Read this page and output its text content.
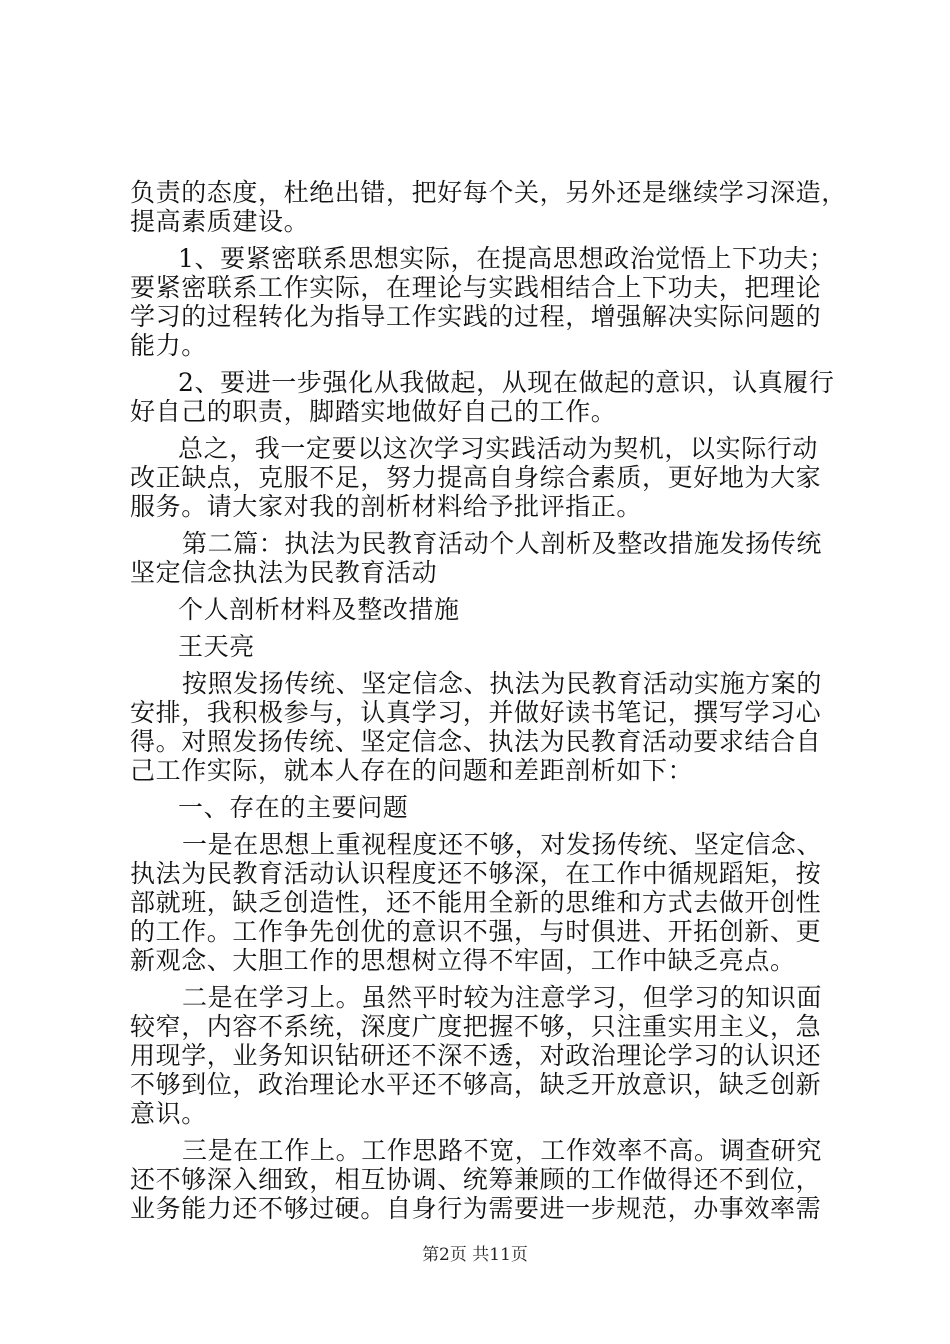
负责的态度，杜绝出错，把好每个关，另外还是继续学习深造，
提高素质建设。
1、要紧密联系思想实际，在提高思想政治觉悟上下功夫；
要紧密联系工作实际，在理论与实践相结合上下功夫，把理论
学习的过程转化为指导工作实践的过程，增强解决实际问题的
能力。
2、要进一步强化从我做起，从现在做起的意识，认真履行
好自己的职责，脚踏实地做好自己的工作。
总之，我一定要以这次学习实践活动为契机，以实际行动
改正缺点，克服不足，努力提高自身综合素质，更好地为大家
服务。请大家对我的剖析材料给予批评指正。
第二篇：执法为民教育活动个人剖析及整改措施发扬传统
坚定信念执法为民教育活动
个人剖析材料及整改措施
王天亮
按照发扬传统、坚定信念、执法为民教育活动实施方案的
安排，我积极参与，认真学习，并做好读书笔记，撰写学习心
得。对照发扬传统、坚定信念、执法为民教育活动要求结合自
己工作实际，就本人存在的问题和差距剖析如下：
一、存在的主要问题
一是在思想上重视程度还不够，对发扬传统、坚定信念、
执法为民教育活动认识程度还不够深，在工作中循规蹈矩，按
部就班，缺乏创造性，还不能用全新的思维和方式去做开创性
的工作。工作争先创优的意识不强，与时俱进、开拓创新、更
新观念、大胆工作的思想树立得不牢固，工作中缺乏亮点。
二是在学习上。虽然平时较为注意学习，但学习的知识面
较窄，内容不系统，深度广度把握不够，只注重实用主义，急
用现学，业务知识钻研还不深不透，对政治理论学习的认识还
不够到位，政治理论水平还不够高，缺乏开放意识，缺乏创新
意识。
三是在工作上。工作思路不宽，工作效率不高。调查研究
还不够深入细致，相互协调、统筹兼顾的工作做得还不到位，
业务能力还不够过硬。自身行为需要进一步规范，办事效率需
第2页 共11页
